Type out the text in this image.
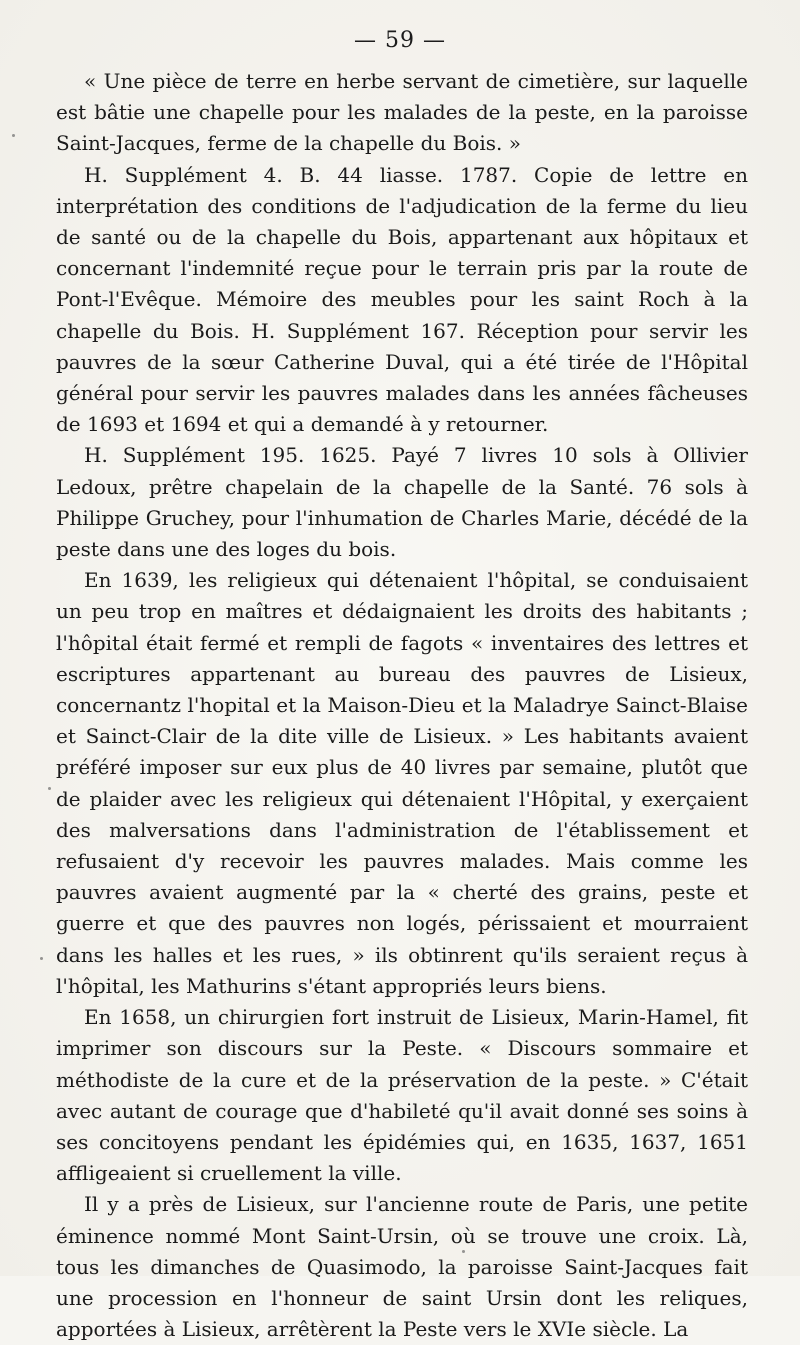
— 59 —

« Une pièce de terre en herbe servant de cimetière, sur laquelle est bâtie une chapelle pour les malades de la peste, en la paroisse Saint-Jacques, ferme de la chapelle du Bois. »

H. Supplément 4. B. 44 liasse. 1787. Copie de lettre en interprétation des conditions de l'adjudication de la ferme du lieu de santé ou de la chapelle du Bois, appartenant aux hôpitaux et concernant l'indemnité reçue pour le terrain pris par la route de Pont-l'Evêque. Mémoire des meubles pour les saint Roch à la chapelle du Bois. H. Supplément 167. Réception pour servir les pauvres de la sœur Catherine Duval, qui a été tirée de l'Hôpital général pour servir les pauvres malades dans les années fâcheuses de 1693 et 1694 et qui a demandé à y retourner.

H. Supplément 195. 1625. Payé 7 livres 10 sols à Ollivier Ledoux, prêtre chapelain de la chapelle de la Santé. 76 sols à Philippe Gruchey, pour l'inhumation de Charles Marie, décédé de la peste dans une des loges du bois.

En 1639, les religieux qui détenaient l'hôpital, se conduisaient un peu trop en maîtres et dédaignaient les droits des habitants ; l'hôpital était fermé et rempli de fagots « inventaires des lettres et escriptures appartenant au bureau des pauvres de Lisieux, concernantz l'hopital et la Maison-Dieu et la Maladrye Sainct-Blaise et Sainct-Clair de la dite ville de Lisieux. » Les habitants avaient préféré imposer sur eux plus de 40 livres par semaine, plutôt que de plaider avec les religieux qui détenaient l'Hôpital, y exerçaient des malversations dans l'administration de l'établissement et refusaient d'y recevoir les pauvres malades. Mais comme les pauvres avaient augmenté par la « cherté des grains, peste et guerre et que des pauvres non logés, périssaient et mourraient dans les halles et les rues, » ils obtinrent qu'ils seraient reçus à l'hôpital, les Mathurins s'étant appropriés leurs biens.

En 1658, un chirurgien fort instruit de Lisieux, Marin-Hamel, fit imprimer son discours sur la Peste. « Discours sommaire et méthodiste de la cure et de la préservation de la peste. » C'était avec autant de courage que d'habileté qu'il avait donné ses soins à ses concitoyens pendant les épidémies qui, en 1635, 1637, 1651 affligeaient si cruellement la ville.

Il y a près de Lisieux, sur l'ancienne route de Paris, une petite éminence nommé Mont Saint-Ursin, où se trouve une croix. Là, tous les dimanches de Quasimodo, la paroisse Saint-Jacques fait une procession en l'honneur de saint Ursin dont les reliques, apportées à Lisieux, arrêtèrent la Peste vers le XVIe siècle. La
